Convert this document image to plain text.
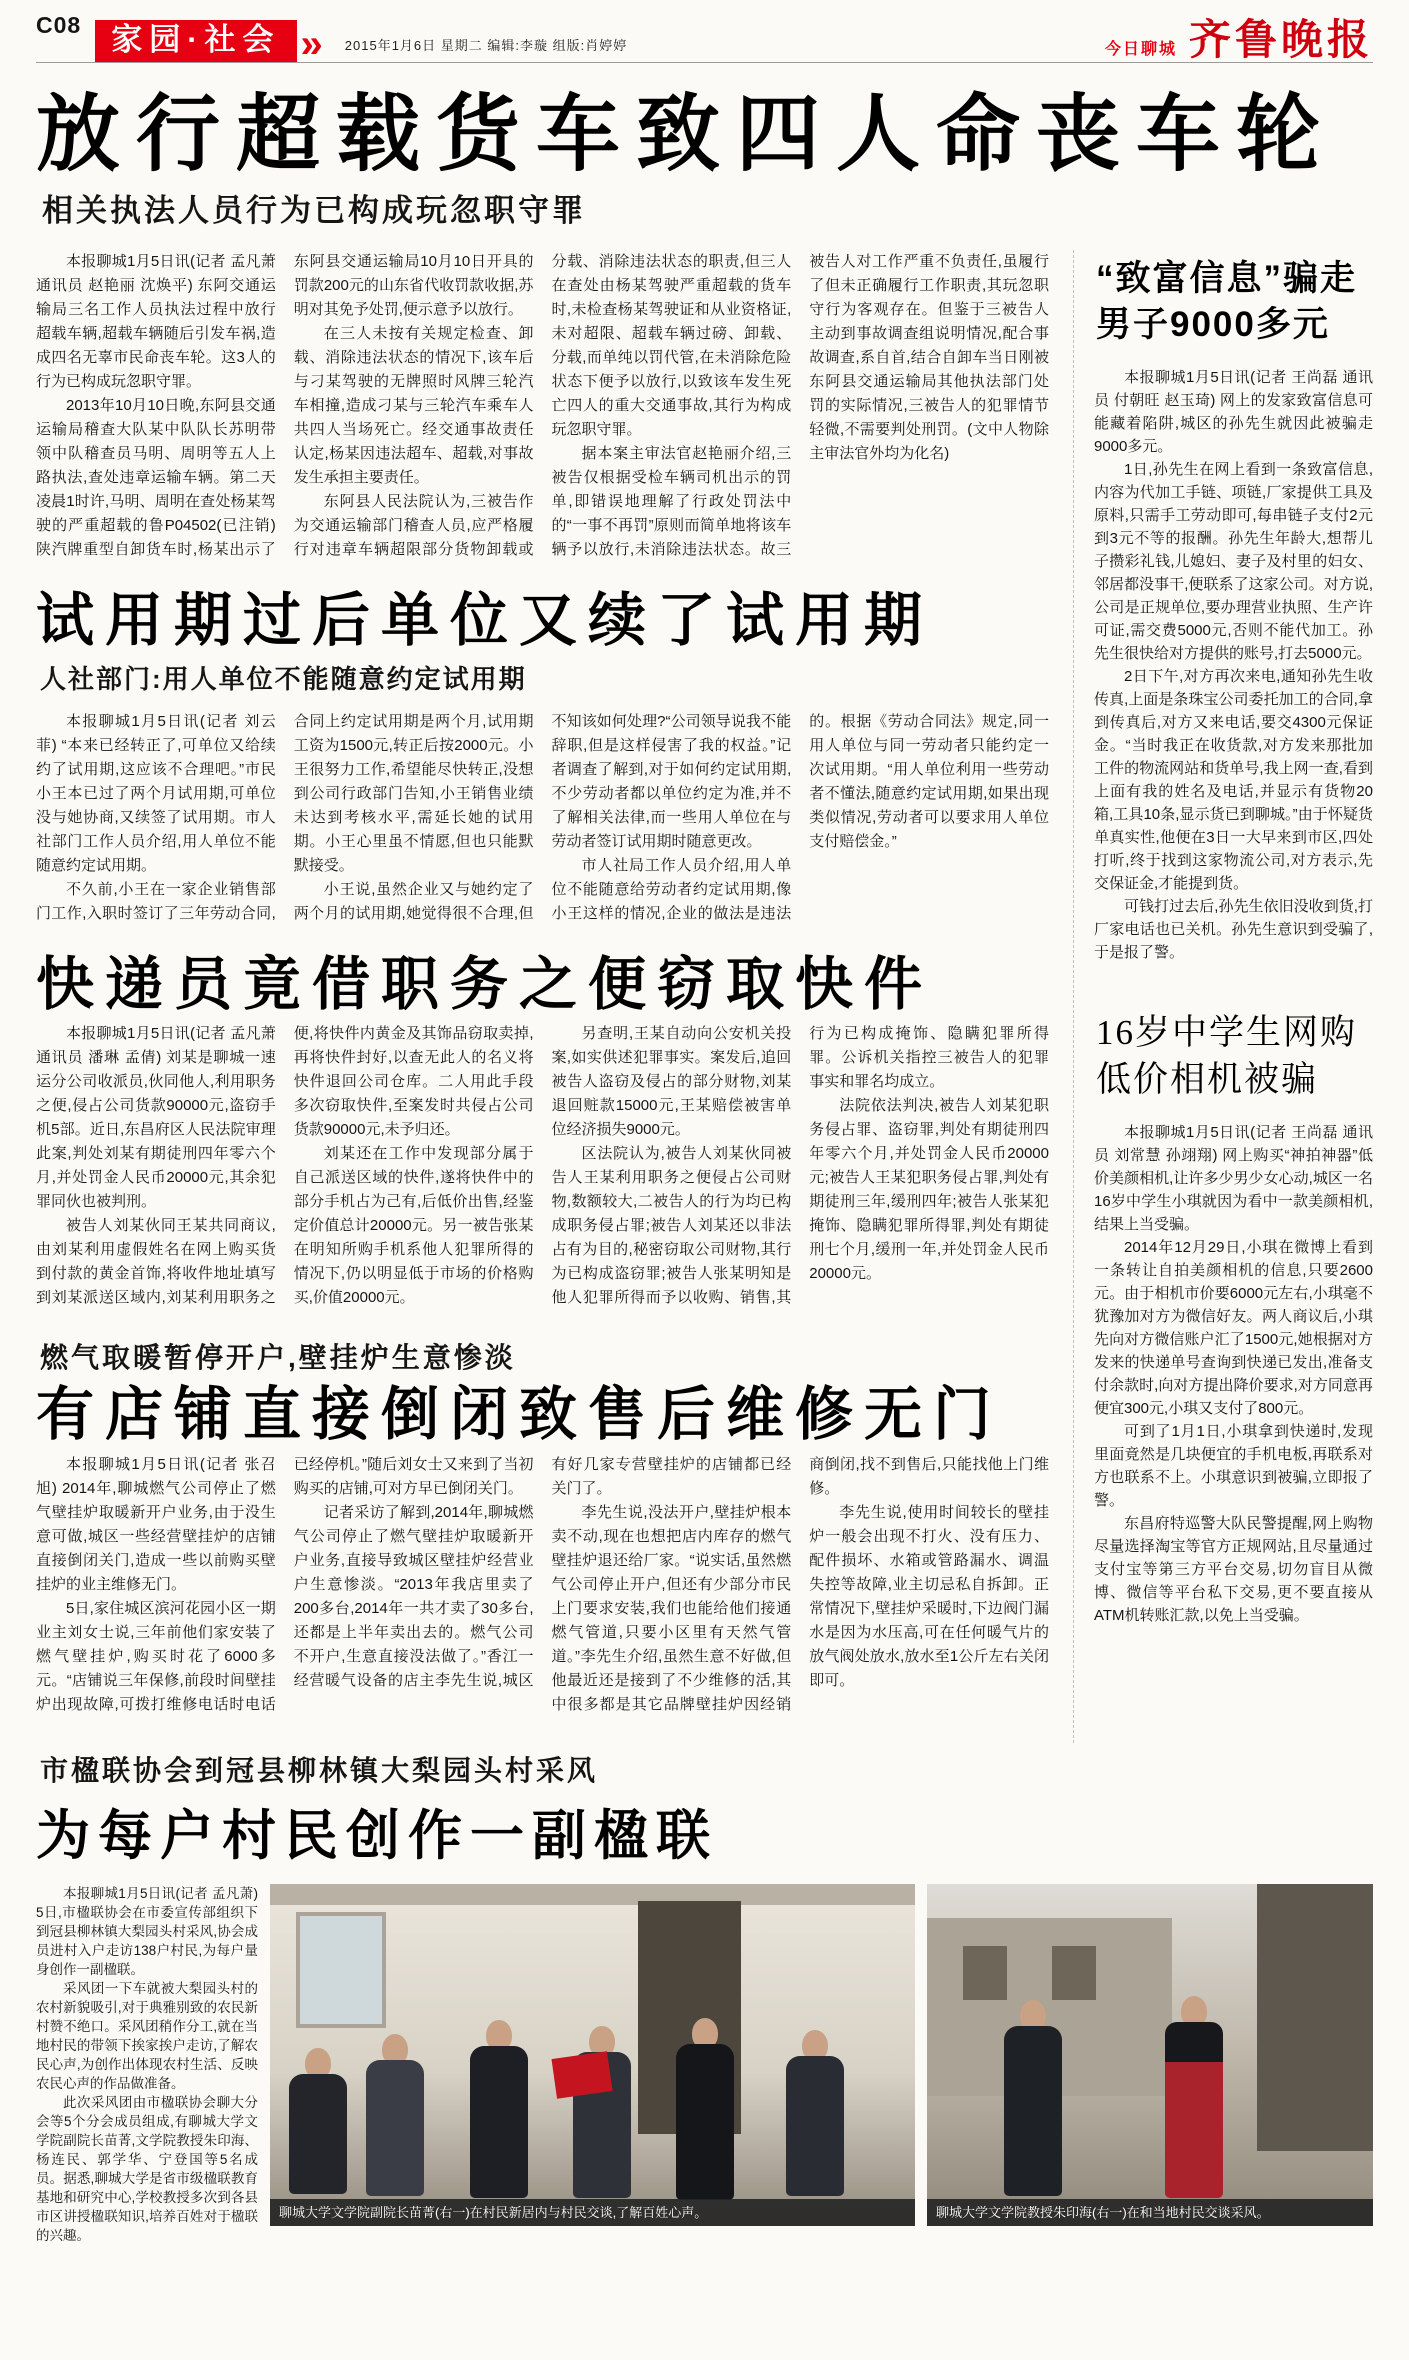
C08 家园·社会 » 2015年1月6日 星期二 编辑:李璇 组版:肖婷婷	今日聊城 齐鲁晚报
放行超载货车致四人命丧车轮
相关执法人员行为已构成玩忽职守罪

本报聊城1月5日讯(记者 孟凡萧 通讯员 赵艳丽 沈焕平) 东阿交通运输局三名工作人员执法过程中放行超载车辆,超载车辆随后引发车祸,造成四名无辜市民命丧车轮。这3人的行为已构成玩忽职守罪。

2013年10月10日晚,东阿县交通运输局稽查大队某中队队长苏明带领中队稽查员马明、周明等五人上路执法,查处违章运输车辆。第二天凌晨1时许,马明、周明在查处杨某驾驶的严重超载的鲁P04502(已注销)陕汽牌重型自卸货车时,杨某出示了东阿县交通运输局10月10日开具的罚款200元的山东省代收罚款收据,苏明对其免予处罚,便示意予以放行。

在三人未按有关规定检查、卸载、消除违法状态的情况下,该车后与刁某驾驶的无牌照时风牌三轮汽车相撞,造成刁某与三轮汽车乘车人共四人当场死亡。经交通事故责任认定,杨某因违法超车、超载,对事故发生承担主要责任。

东阿县人民法院认为,三被告作为交通运输部门稽查人员,应严格履行对违章车辆超限部分货物卸载或分载、消除违法状态的职责,但三人在查处由杨某驾驶严重超载的货车时,未检查杨某驾驶证和从业资格证,未对超限、超载车辆过磅、卸载、分载,而单纯以罚代管,在未消除危险状态下便予以放行,以致该车发生死亡四人的重大交通事故,其行为构成玩忽职守罪。

据本案主审法官赵艳丽介绍,三被告仅根据受检车辆司机出示的罚单,即错误地理解了行政处罚法中的“一事不再罚”原则而简单地将该车辆予以放行,未消除违法状态。故三被告人对工作严重不负责任,虽履行了但未正确履行工作职责,其玩忽职守行为客观存在。但鉴于三被告人主动到事故调查组说明情况,配合事故调查,系自首,结合自卸车当日刚被东阿县交通运输局其他执法部门处罚的实际情况,三被告人的犯罪情节轻微,不需要判处刑罚。(文中人物除主审法官外均为化名)

试用期过后单位又续了试用期
人社部门:用人单位不能随意约定试用期

本报聊城1月5日讯(记者 刘云菲) “本来已经转正了,可单位又给续约了试用期,这应该不合理吧。”市民小王本已过了两个月试用期,可单位没与她协商,又续签了试用期。市人社部门工作人员介绍,用人单位不能随意约定试用期。

不久前,小王在一家企业销售部门工作,入职时签订了三年劳动合同,合同上约定试用期是两个月,试用期工资为1500元,转正后按2000元。小王很努力工作,希望能尽快转正,没想到公司行政部门告知,小王销售业绩未达到考核水平,需延长她的试用期。小王心里虽不情愿,但也只能默默接受。

小王说,虽然企业又与她约定了两个月的试用期,她觉得很不合理,但不知该如何处理?“公司领导说我不能辞职,但是这样侵害了我的权益。”记者调查了解到,对于如何约定试用期,不少劳动者都以单位约定为准,并不了解相关法律,而一些用人单位在与劳动者签订试用期时随意更改。

市人社局工作人员介绍,用人单位不能随意给劳动者约定试用期,像小王这样的情况,企业的做法是违法的。根据《劳动合同法》规定,同一用人单位与同一劳动者只能约定一次试用期。“用人单位利用一些劳动者不懂法,随意约定试用期,如果出现类似情况,劳动者可以要求用人单位支付赔偿金。”

快递员竟借职务之便窃取快件

本报聊城1月5日讯(记者 孟凡萧 通讯员 潘琳 孟倩) 刘某是聊城一速运分公司收派员,伙同他人,利用职务之便,侵占公司货款90000元,盗窃手机5部。近日,东昌府区人民法院审理此案,判处刘某有期徒刑四年零六个月,并处罚金人民币20000元,其余犯罪同伙也被判刑。

被告人刘某伙同王某共同商议,由刘某利用虚假姓名在网上购买货到付款的黄金首饰,将收件地址填写到刘某派送区域内,刘某利用职务之便,将快件内黄金及其饰品窃取卖掉,再将快件封好,以查无此人的名义将快件退回公司仓库。二人用此手段多次窃取快件,至案发时共侵占公司货款90000元,未予归还。

刘某还在工作中发现部分属于自己派送区域的快件,遂将快件中的部分手机占为己有,后低价出售,经鉴定价值总计20000元。另一被告张某在明知所购手机系他人犯罪所得的情况下,仍以明显低于市场的价格购买,价值20000元。

另查明,王某自动向公安机关投案,如实供述犯罪事实。案发后,追回被告人盗窃及侵占的部分财物,刘某退回赃款15000元,王某赔偿被害单位经济损失9000元。

区法院认为,被告人刘某伙同被告人王某利用职务之便侵占公司财物,数额较大,二被告人的行为均已构成职务侵占罪;被告人刘某还以非法占有为目的,秘密窃取公司财物,其行为已构成盗窃罪;被告人张某明知是他人犯罪所得而予以收购、销售,其行为已构成掩饰、隐瞒犯罪所得罪。公诉机关指控三被告人的犯罪事实和罪名均成立。

法院依法判决,被告人刘某犯职务侵占罪、盗窃罪,判处有期徒刑四年零六个月,并处罚金人民币20000元;被告人王某犯职务侵占罪,判处有期徒刑三年,缓刑四年;被告人张某犯掩饰、隐瞒犯罪所得罪,判处有期徒刑七个月,缓刑一年,并处罚金人民币20000元。

燃气取暖暂停开户,壁挂炉生意惨淡
有店铺直接倒闭致售后维修无门

本报聊城1月5日讯(记者 张召旭) 2014年,聊城燃气公司停止了燃气壁挂炉取暖新开户业务,由于没生意可做,城区一些经营壁挂炉的店铺直接倒闭关门,造成一些以前购买壁挂炉的业主维修无门。

5日,家住城区滨河花园小区一期业主刘女士说,三年前他们家安装了燃气壁挂炉,购买时花了6000多元。“店铺说三年保修,前段时间壁挂炉出现故障,可拨打维修电话时电话已经停机。”随后刘女士又来到了当初购买的店铺,可对方早已倒闭关门。

记者采访了解到,2014年,聊城燃气公司停止了燃气壁挂炉取暖新开户业务,直接导致城区壁挂炉经营业户生意惨淡。“2013年我店里卖了200多台,2014年一共才卖了30多台,还都是上半年卖出去的。燃气公司不开户,生意直接没法做了。”香江一经营暖气设备的店主李先生说,城区有好几家专营壁挂炉的店铺都已经关门了。

李先生说,没法开户,壁挂炉根本卖不动,现在也想把店内库存的燃气壁挂炉退还给厂家。“说实话,虽然燃气公司停止开户,但还有少部分市民上门要求安装,我们也能给他们接通燃气管道,只要小区里有天然气管道。”李先生介绍,虽然生意不好做,但他最近还是接到了不少维修的活,其中很多都是其它品牌壁挂炉因经销商倒闭,找不到售后,只能找他上门维修。

李先生说,使用时间较长的壁挂炉一般会出现不打火、没有压力、配件损坏、水箱或管路漏水、调温失控等故障,业主切忌私自拆卸。正常情况下,壁挂炉采暖时,下边阀门漏水是因为水压高,可在任何暖气片的放气阀处放水,放水至1公斤左右关闭即可。

“致富信息”骗走
男子9000多元

本报聊城1月5日讯(记者 王尚磊 通讯员 付朝旺 赵玉琦) 网上的发家致富信息可能藏着陷阱,城区的孙先生就因此被骗走9000多元。

1日,孙先生在网上看到一条致富信息,内容为代加工手链、项链,厂家提供工具及原料,只需手工劳动即可,每串链子支付2元到3元不等的报酬。孙先生年龄大,想帮儿子攒彩礼钱,儿媳妇、妻子及村里的妇女、邻居都没事干,便联系了这家公司。对方说,公司是正规单位,要办理营业执照、生产许可证,需交费5000元,否则不能代加工。孙先生很快给对方提供的账号,打去5000元。

2日下午,对方再次来电,通知孙先生收传真,上面是条珠宝公司委托加工的合同,拿到传真后,对方又来电话,要交4300元保证金。“当时我正在收货款,对方发来那批加工件的物流网站和货单号,我上网一查,看到上面有我的姓名及电话,并显示有货物20箱,工具10条,显示货已到聊城。”由于怀疑货单真实性,他便在3日一大早来到市区,四处打听,终于找到这家物流公司,对方表示,先交保证金,才能提到货。

可钱打过去后,孙先生依旧没收到货,打厂家电话也已关机。孙先生意识到受骗了,于是报了警。

16岁中学生网购
低价相机被骗

本报聊城1月5日讯(记者 王尚磊 通讯员 刘常慧 孙翊翔) 网上购买“神拍神器”低价美颜相机,让许多少男少女心动,城区一名16岁中学生小琪就因为看中一款美颜相机,结果上当受骗。

2014年12月29日,小琪在微博上看到一条转让自拍美颜相机的信息,只要2600元。由于相机市价要6000元左右,小琪毫不犹豫加对方为微信好友。两人商议后,小琪先向对方微信账户汇了1500元,她根据对方发来的快递单号查询到快递已发出,准备支付余款时,向对方提出降价要求,对方同意再便宜300元,小琪又支付了800元。

可到了1月1日,小琪拿到快递时,发现里面竟然是几块便宜的手机电板,再联系对方也联系不上。小琪意识到被骗,立即报了警。

东昌府特巡警大队民警提醒,网上购物尽量选择淘宝等官方正规网站,且尽量通过支付宝等第三方平台交易,切勿盲目从微博、微信等平台私下交易,更不要直接从ATM机转账汇款,以免上当受骗。

市楹联协会到冠县柳林镇大梨园头村采风
为每户村民创作一副楹联

本报聊城1月5日讯(记者 孟凡萧) 5日,市楹联协会在市委宣传部组织下到冠县柳林镇大梨园头村采风,协会成员进村入户走访138户村民,为每户量身创作一副楹联。

采风团一下车就被大梨园头村的农村新貌吸引,对于典雅别致的农民新村赞不绝口。采风团稍作分工,就在当地村民的带领下挨家挨户走访,了解农民心声,为创作出体现农村生活、反映农民心声的作品做准备。

此次采风团由市楹联协会聊大分会等5个分会成员组成,有聊城大学文学院副院长苗菁,文学院教授朱印海、杨连民、郭学华、宁登国等5名成员。据悉,聊城大学是省市级楹联教育基地和研究中心,学校教授多次到各县市区讲授楹联知识,培养百姓对于楹联的兴趣。

聊城大学文学院副院长苗菁(右一)在村民新居内与村民交谈,了解百姓心声。	聊城大学文学院教授朱印海(右一)在和当地村民交谈采风。
